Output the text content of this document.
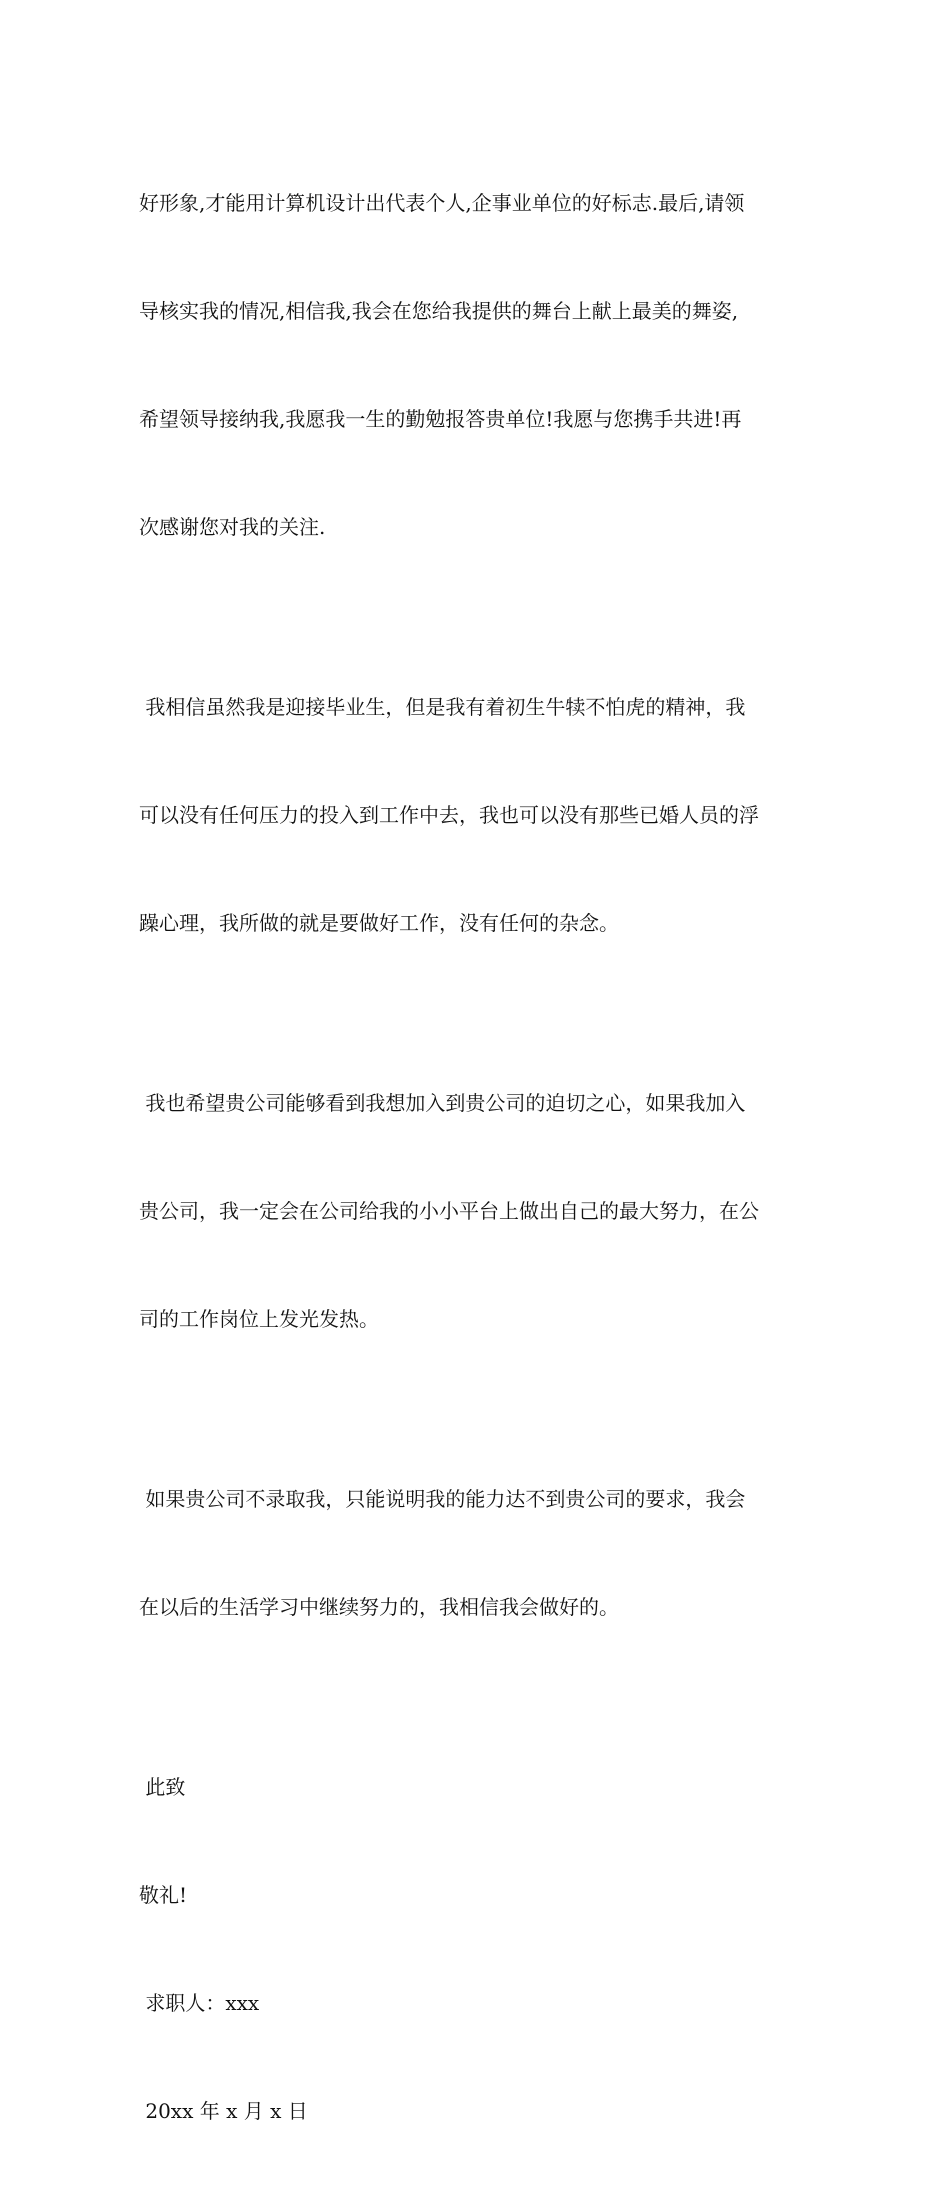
好形象,才能用计算机设计出代表个人,企事业单位的好标志.最后,请领

导核实我的情况,相信我,我会在您给我提供的舞台上献上最美的舞姿,

希望领导接纳我,我愿我一生的勤勉报答贵单位!我愿与您携手共进!再

次感谢您对我的关注.

我相信虽然我是迎接毕业生，但是我有着初生牛犊不怕虎的精神，我

可以没有任何压力的投入到工作中去，我也可以没有那些已婚人员的浮

躁心理，我所做的就是要做好工作，没有任何的杂念。

我也希望贵公司能够看到我想加入到贵公司的迫切之心，如果我加入

贵公司，我一定会在公司给我的小小平台上做出自己的最大努力，在公

司的工作岗位上发光发热。

如果贵公司不录取我，只能说明我的能力达不到贵公司的要求，我会

在以后的生活学习中继续努力的，我相信我会做好的。

此致

敬礼!

求职人：xxx

20xx 年 x 月 x 日
